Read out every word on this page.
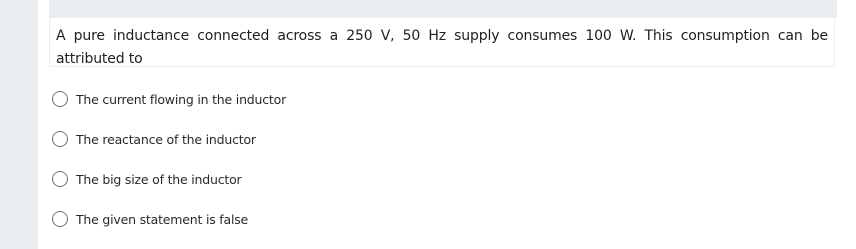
A pure inductance connected across a 250 V, 50 Hz supply consumes 100 W. This consumption can be attributed to

The current flowing in the inductor
The reactance of the inductor
The big size of the inductor
The given statement is false
